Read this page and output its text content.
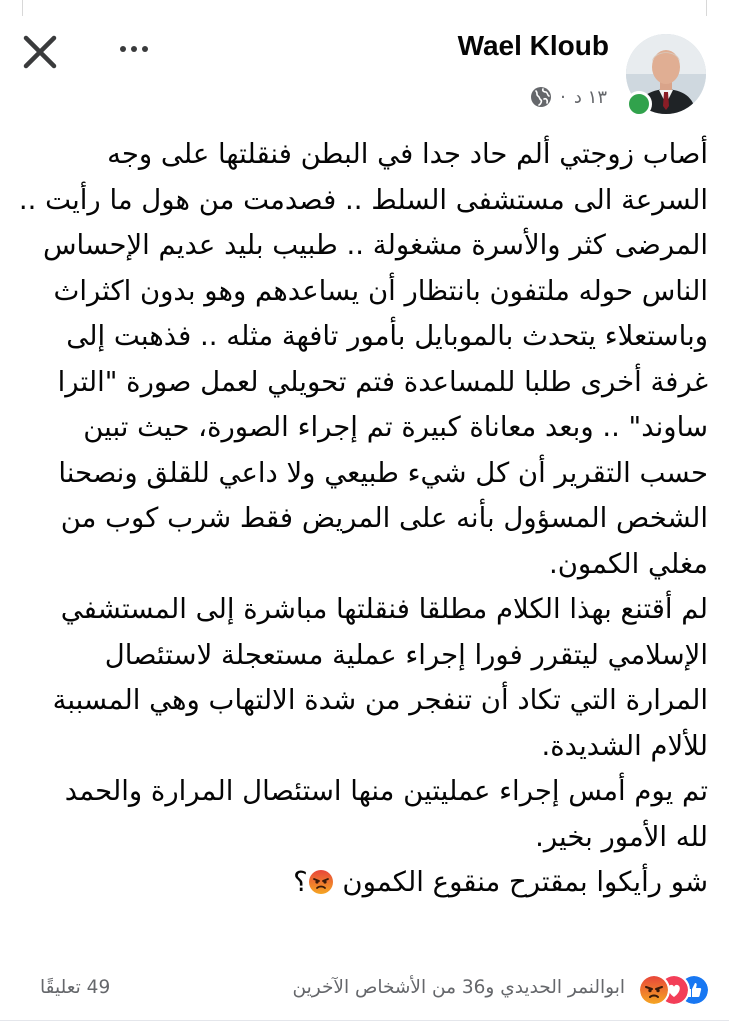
Wael Kloub
١٣ د
·

أصاب زوجتي ألم حاد جدا في البطن فنقلتها على وجه

السرعة الى مستشفى السلط .. فصدمت من هول ما رأيت ..

المرضى كثر والأسرة مشغولة .. طبيب بليد عديم الإحساس

الناس حوله ملتفون بانتظار أن يساعدهم وهو بدون اكثراث

وباستعلاء يتحدث بالموبايل بأمور تافهة مثله .. فذهبت إلى

غرفة أخرى طلبا للمساعدة فتم تحويلي لعمل صورة "الترا

ساوند" .. وبعد معاناة كبيرة تم إجراء الصورة، حيث تبين

حسب التقرير أن كل شيء طبيعي ولا داعي للقلق ونصحنا

الشخص المسؤول بأنه على المريض فقط شرب كوب من

مغلي الكمون.

لم أقتنع بهذا الكلام مطلقا فنقلتها مباشرة إلى المستشفي

الإسلامي ليتقرر فورا إجراء عملية مستعجلة لاستئصال

المرارة التي تكاد أن تنفجر من شدة الالتهاب وهي المسببة

للألام الشديدة.

تم يوم أمس إجراء عمليتين منها استئصال المرارة والحمد

لله الأمور بخير.

شو رأيكوا بمقترح منقوع الكمون ؟

ابوالنمر الحديدي و36 من الأشخاص الآخرين
49 تعليقًا
